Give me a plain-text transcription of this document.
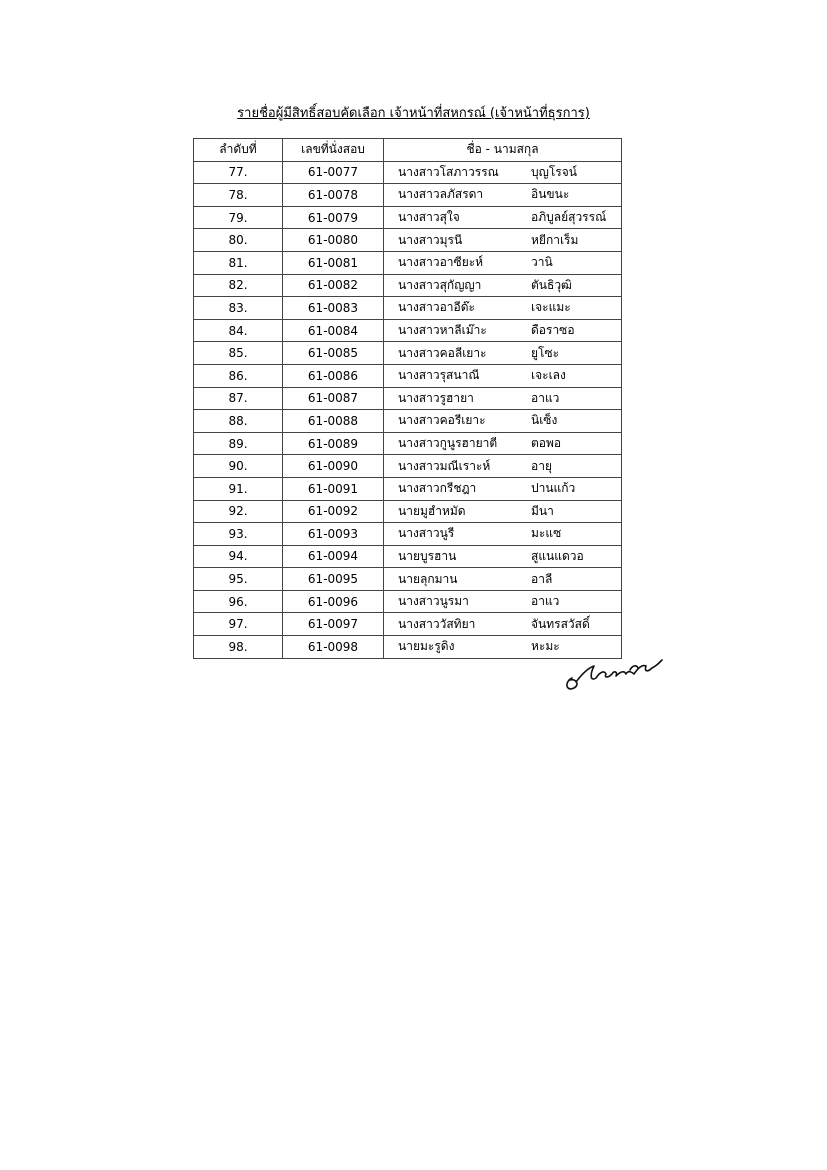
รายชื่อผู้มีสิทธิ์สอบคัดเลือก เจ้าหน้าที่สหกรณ์ (เจ้าหน้าที่ธุรการ)
ลำดับที่	เลขที่นั่งสอบ	ชื่อ - นามสกุล
77.	61-0077	นางสาวโสภาวรรณ บุญโรจน์
78.	61-0078	นางสาวลภัสรดา อินขนะ
79.	61-0079	นางสาวสุใจ อภิบูลย์สุวรรณ์
80.	61-0080	นางสาวมุรนี หยีกาเร็ม
81.	61-0081	นางสาวอาซียะห์ วานิ
82.	61-0082	นางสาวสุกัญญา ตันธิวุฒิ
83.	61-0083	นางสาวอาอีด๊ะ เจะแมะ
84.	61-0084	นางสาวหาลีเม๊าะ ดือราซอ
85.	61-0085	นางสาวคอลีเยาะ ยูโซะ
86.	61-0086	นางสาวรุสนาณี เจะเลง
87.	61-0087	นางสาวรูฮายา อาแว
88.	61-0088	นางสาวคอรีเยาะ นิเซ็ง
89.	61-0089	นางสาวกูนูรฮายาตี ตอพอ
90.	61-0090	นางสาวมณีเราะห์ อายุ
91.	61-0091	นางสาวกรีชฎา ปานแก้ว
92.	61-0092	นายมูฮำหมัด มีนา
93.	61-0093	นางสาวนูรี มะแซ
94.	61-0094	นายบูรฮาน สูแนแดวอ
95.	61-0095	นายลุกมาน อาลี
96.	61-0096	นางสาวนูรมา อาแว
97.	61-0097	นางสาววัสทิยา จันทรสวัสดิ์
98.	61-0098	นายมะรูดิง หะมะ
